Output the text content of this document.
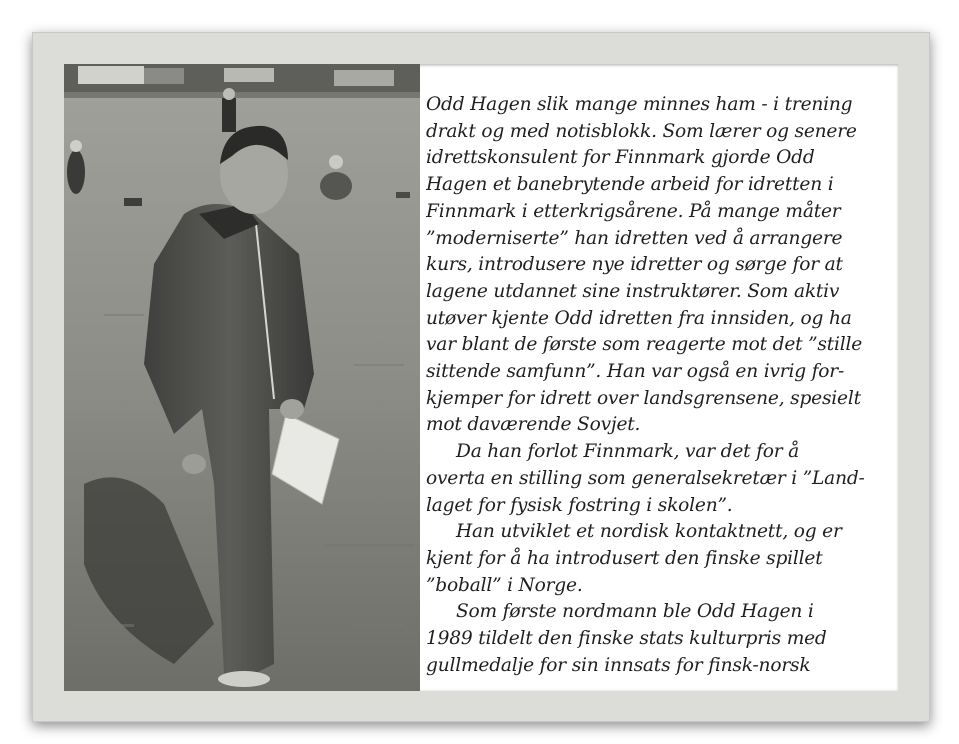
Odd Hagen slik mange minnes ham - i trening
drakt og med notisblokk. Som lærer og senere
idrettskonsulent for Finnmark gjorde Odd
Hagen et banebrytende arbeid for idretten i
Finnmark i etterkrigsårene. På mange måter
”moderniserte” han idretten ved å arrangere
kurs, introdusere nye idretter og sørge for at
lagene utdannet sine instruktører. Som aktiv
utøver kjente Odd idretten fra innsiden, og ha
var blant de første som reagerte mot det ”stille
sittende samfunn”. Han var også en ivrig for-
kjemper for idrett over landsgrensene, spesielt
mot daværende Sovjet.
Da han forlot Finnmark, var det for å
overta en stilling som generalsekretær i ”Land-
laget for fysisk fostring i skolen”.
Han utviklet et nordisk kontaktnett, og er
kjent for å ha introdusert den finske spillet
”boball” i Norge.
Som første nordmann ble Odd Hagen i
1989 tildelt den finske stats kulturpris med
gullmedalje for sin innsats for finsk-norsk
